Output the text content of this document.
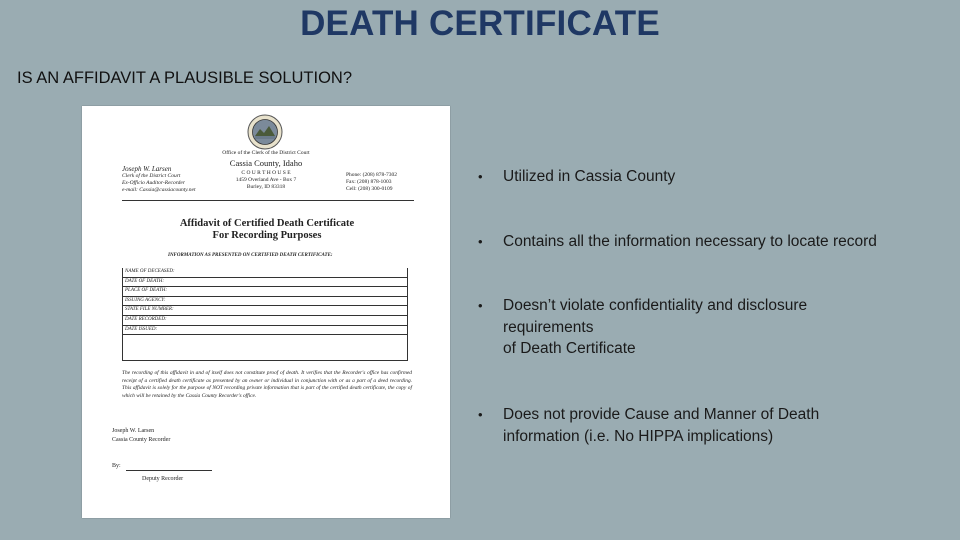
DEATH CERTIFICATE
IS AN AFFIDAVIT A PLAUSIBLE SOLUTION?
Office of the Clerk of the District Court
Cassia County, Idaho
Joseph W. Larsen
Clerk of the District Court
Ex-Officio Auditor-Recorder
e-mail: Cassia@cassiacounty.net
C O U R T H O U S E
1459 Overland Ave - Box 7
Burley, ID 83318
Phone: (208) 878-7302
Fax: (208) 878-1003
Cell: (208) 300-0109
Affidavit of Certified Death Certificate
For Recording Purposes
INFORMATION AS PRESENTED ON CERTIFIED DEATH CERTIFICATE:
NAME OF DECEASED:
DATE OF DEATH:
PLACE OF DEATH:
ISSUING AGENCY:
STATE FILE NUMBER:
DATE RECORDED:
DATE ISSUED:
The recording of this affidavit in and of itself does not constitute proof of death. It verifies that the Recorder's office has confirmed receipt of a certified death certificate as presented by an owner or individual in conjunction with or as a part of a deed recording. This affidavit is solely for the purpose of NOT recording private information that is part of the certified death certificate, the copy of which will be retained by the Cassia County Recorder's office.
Joseph W. Larsen
Cassia County Recorder
By:
Deputy Recorder
• Utilized in Cassia County
• Contains all the information necessary to locate record
• Doesn’t violate confidentiality and disclosure requirements
of Death Certificate
• Does not provide Cause and Manner of Death information (i.e. No HIPPA implications)
